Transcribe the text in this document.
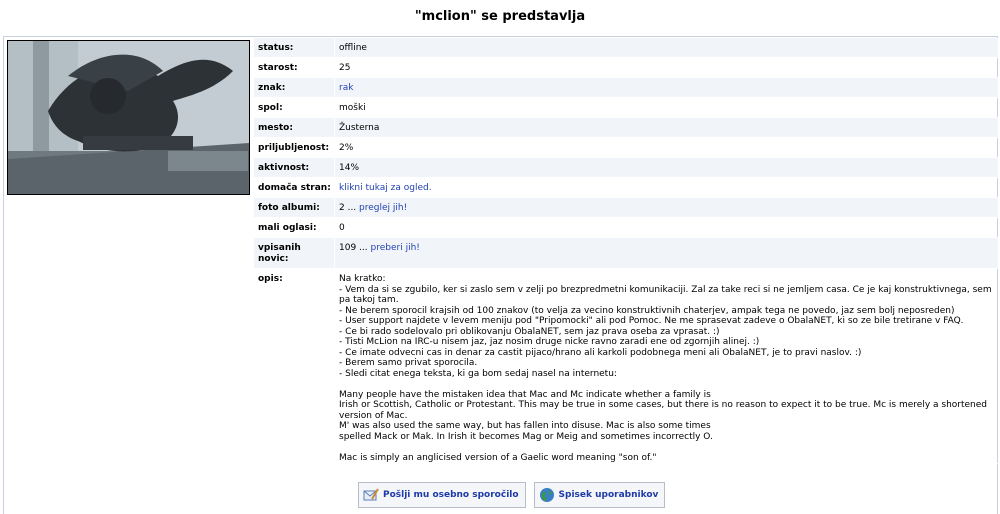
"mclion" se predstavlja
status:	offline
starost:	25
znak:	rak
spol:	moški
mesto:	Žusterna
priljubljenost:	2%
aktivnost:	14%
domača stran: klikni tukaj za ogled.
foto albumi:	2 ... preglej jih!
mali oglasi:	0
vpisanih novic:
109 ... preberi jih!
opis:	Na kratko:
- Vem da si se zgubilo, ker si zaslo sem v zelji po brezpredmetni komunikaciji. Zal za take reci si ne jemljem casa. Ce je kaj konstruktivnega, sem pa takoj tam.
- Ne berem sporocil krajsih od 100 znakov (to velja za vecino konstruktivnih chaterjev, ampak tega ne povedo, jaz sem bolj neposreden)
- User support najdete v levem meniju pod "Pripomocki" ali pod Pomoc. Ne me sprasevat zadeve o ObalaNET, ki so ze bile tretirane v FAQ.
- Ce bi rado sodelovalo pri oblikovanju ObalaNET, sem jaz prava oseba za vprasat. :)
- Tisti McLion na IRC-u nisem jaz, jaz nosim druge nicke ravno zaradi ene od zgornjih alinej. :)
- Ce imate odvecni cas in denar za castit pijaco/hrano ali karkoli podobnega meni ali ObalaNET, je to pravi naslov. :)
- Berem samo privat sporocila.
- Sledi citat enega teksta, ki ga bom sedaj nasel na internetu:

Many people have the mistaken idea that Mac and Mc indicate whether a family is
Irish or Scottish, Catholic or Protestant. This may be true in some cases, but there is no reason to expect it to be true. Mc is merely a shortened version of Mac.
M' was also used the same way, but has fallen into disuse. Mac is also some times
spelled Mack or Mak. In Irish it becomes Mag or Meig and sometimes incorrectly O.

Mac is simply an anglicised version of a Gaelic word meaning "son of."
Pošlji mu osebno sporočilo	Spisek uporabnikov
